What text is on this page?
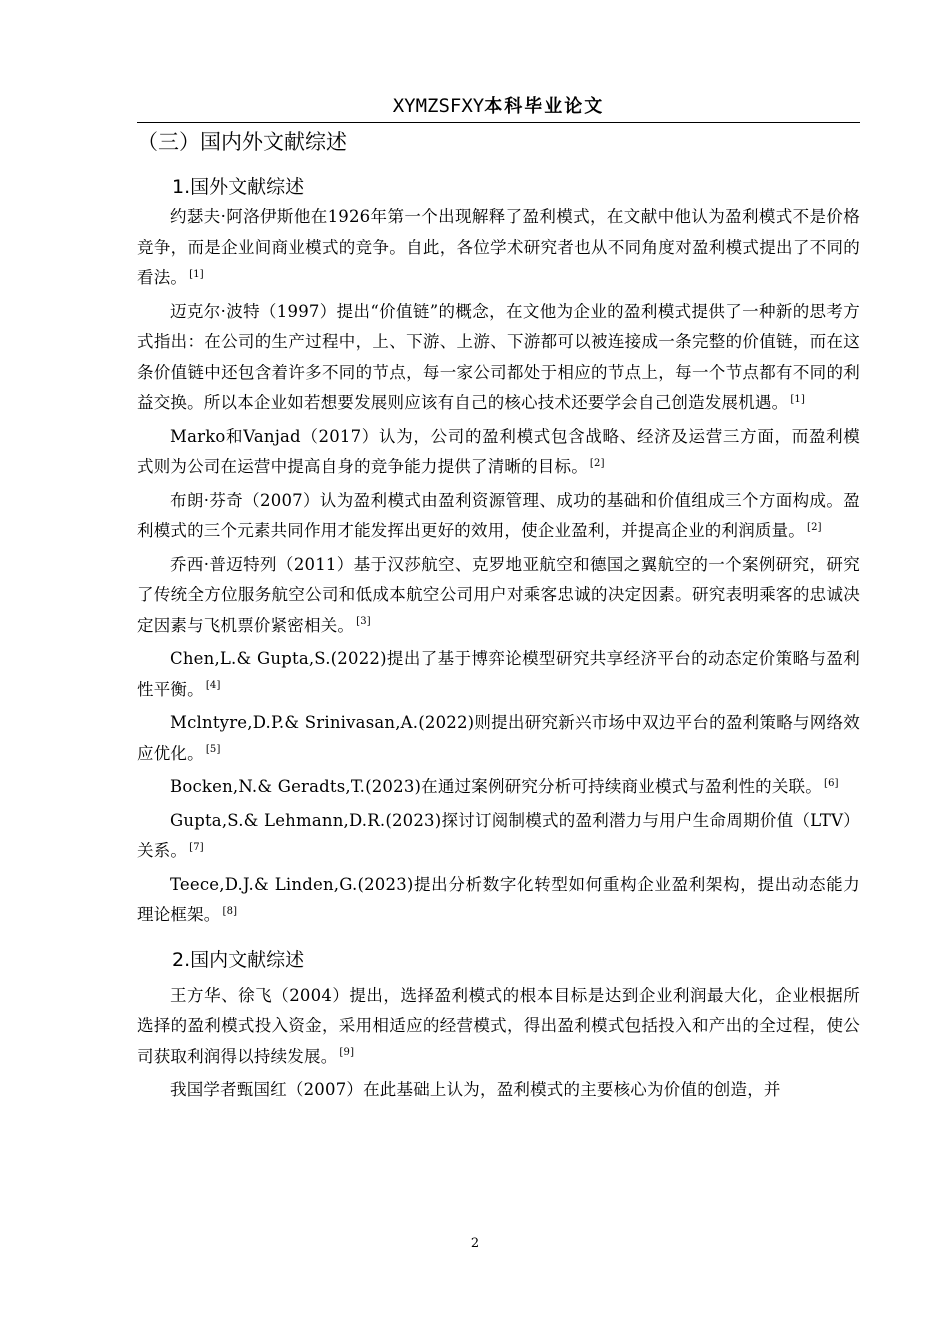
XYMZSFXY本科毕业论文
（三）国内外文献综述
1.国外文献综述

约瑟夫·阿洛伊斯他在1926年第一个出现解释了盈利模式，在文献中他认为盈利模式不是价格竞争，而是企业间商业模式的竞争。自此，各位学术研究者也从不同角度对盈利模式提出了不同的看法。 [1]

迈克尔·波特（1997）提出“价值链”的概念，在文他为企业的盈利模式提供了一种新的思考方式指出：在公司的生产过程中，上、下游、上游、下游都可以被连接成一条完整的价值链，而在这条价值链中还包含着许多不同的节点，每一家公司都处于相应的节点上，每一个节点都有不同的利益交换。所以本企业如若想要发展则应该有自己的核心技术还要学会自己创造发展机遇。 [1]

Marko和Vanjad（2017）认为，公司的盈利模式包含战略、经济及运营三方面，而盈利模式则为公司在运营中提高自身的竞争能力提供了清晰的目标。 [2]

布朗·芬奇（2007）认为盈利模式由盈利资源管理、成功的基础和价值组成三个方面构成。盈利模式的三个元素共同作用才能发挥出更好的效用，使企业盈利，并提高企业的利润质量。 [2]

乔西·普迈特列（2011）基于汉莎航空、克罗地亚航空和德国之翼航空的一个案例研究，研究了传统全方位服务航空公司和低成本航空公司用户对乘客忠诚的决定因素。研究表明乘客的忠诚决定因素与飞机票价紧密相关。 [3]

Chen,L.& Gupta,S.(2022)提出了基于博弈论模型研究共享经济平台的动态定价策略与盈利性平衡。 [4]

Mclntyre,D.P.& Srinivasan,A.(2022)则提出研究新兴市场中双边平台的盈利策略与网络效应优化。 [5]

Bocken,N.& Geradts,T.(2023)在通过案例研究分析可持续商业模式与盈利性的关联。 [6]

Gupta,S.& Lehmann,D.R.(2023)探讨订阅制模式的盈利潜力与用户生命周期价值（LTV）关系。 [7]

Teece,D.J.& Linden,G.(2023)提出分析数字化转型如何重构企业盈利架构，提出动态能力理论框架。 [8]

2.国内文献综述

王方华、徐飞（2004）提出，选择盈利模式的根本目标是达到企业利润最大化，企业根据所选择的盈利模式投入资金，采用相适应的经营模式，得出盈利模式包括投入和产出的全过程，使公司获取利润得以持续发展。 [9]

我国学者甄国红（2007）在此基础上认为，盈利模式的主要核心为价值的创造，并

2
